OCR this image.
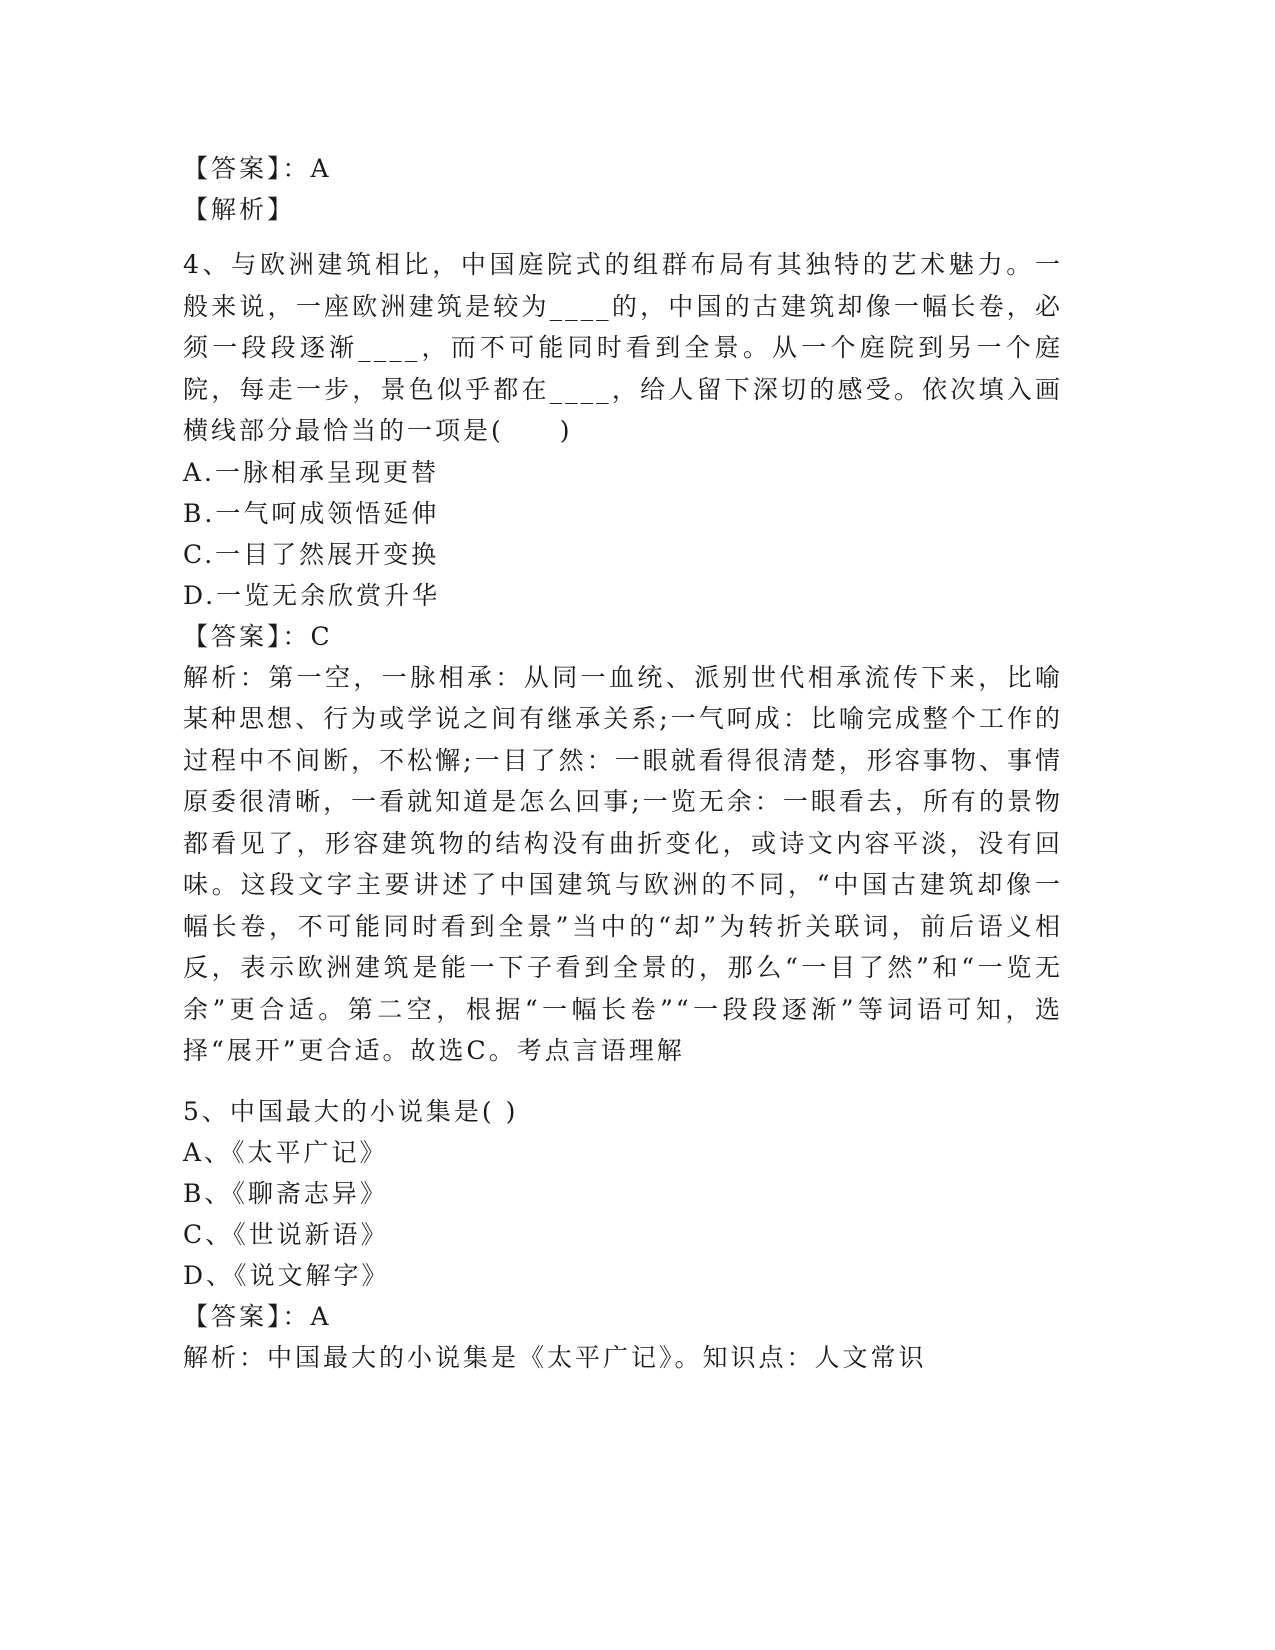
【答案】：A
【解析】
4、与欧洲建筑相比，中国庭院式的组群布局有其独特的艺术魅力。一般来说，一座欧洲建筑是较为____的，中国的古建筑却像一幅长卷，必须一段段逐渐____，而不可能同时看到全景。从一个庭院到另一个庭院，每走一步，景色似乎都在____，给人留下深切的感受。依次填入画横线部分最恰当的一项是(　　)
A.一脉相承呈现更替
B.一气呵成领悟延伸
C.一目了然展开变换
D.一览无余欣赏升华
【答案】：C
解析：第一空，一脉相承：从同一血统、派别世代相承流传下来，比喻某种思想、行为或学说之间有继承关系;一气呵成：比喻完成整个工作的过程中不间断，不松懈;一目了然：一眼就看得很清楚，形容事物、事情原委很清晰，一看就知道是怎么回事;一览无余：一眼看去，所有的景物都看见了，形容建筑物的结构没有曲折变化，或诗文内容平淡，没有回味。这段文字主要讲述了中国建筑与欧洲的不同，“中国古建筑却像一幅长卷，不可能同时看到全景”当中的“却”为转折关联词，前后语义相反，表示欧洲建筑是能一下子看到全景的，那么“一目了然”和“一览无余”更合适。第二空，根据“一幅长卷”“一段段逐渐”等词语可知，选择“展开”更合适。故选C。考点言语理解
5、中国最大的小说集是( )
A、《太平广记》
B、《聊斋志异》
C、《世说新语》
D、《说文解字》
【答案】：A
解析：中国最大的小说集是《太平广记》。知识点：人文常识
